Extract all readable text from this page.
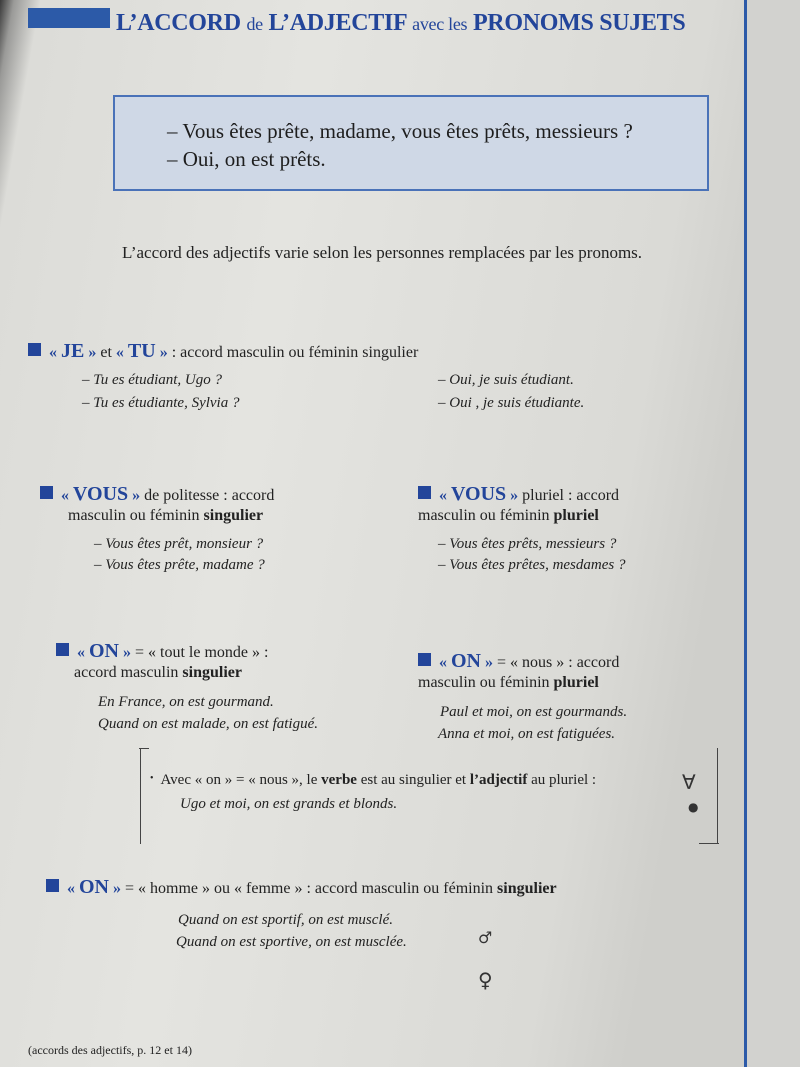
L’ACCORD de L’ADJECTIF avec les PRONOMS SUJETS
– Vous êtes prête, madame, vous êtes prêts, messieurs ?
– Oui, on est prêts.
L’accord des adjectifs varie selon les personnes remplacées par les pronoms.
« JE » et « TU » : accord masculin ou féminin singulier
– Tu es étudiant, Ugo ?	– Oui, je suis étudiant.
– Tu es étudiante, Sylvia ?	– Oui , je suis étudiante.
« VOUS » de politesse : accord
masculin ou féminin singulier
– Vous êtes prêt, monsieur ?
– Vous êtes prête, madame ?
« VOUS » pluriel : accord
masculin ou féminin pluriel
– Vous êtes prêts, messieurs ?
– Vous êtes prêtes, mesdames ?
« ON » = « tout le monde » :
accord masculin singulier
En France, on est gourmand.
Quand on est malade, on est fatigué.
« ON » = « nous » : accord
masculin ou féminin pluriel
Paul et moi, on est gourmands.
Anna et moi, on est fatiguées.
• Avec « on » = « nous », le verbe est au singulier et l’adjectif au pluriel :
Ugo et moi, on est grands et blonds.
« ON » = « homme » ou « femme » : accord masculin ou féminin singulier
Quand on est sportif, on est musclé.
Quand on est sportive, on est musclée.
∀
●
♂
♀
(accords des adjectifs, p. 12 et 14)
